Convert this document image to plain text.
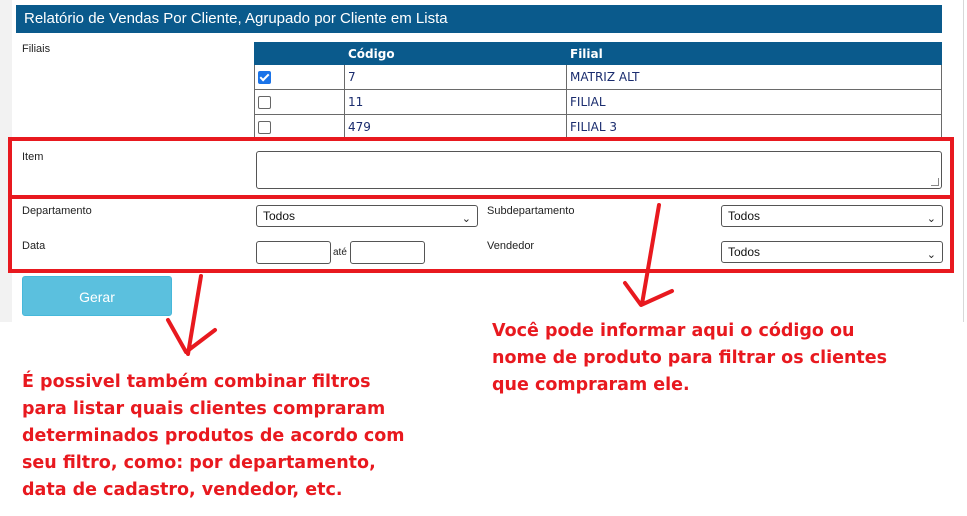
Relatório de Vendas Por Cliente, Agrupado por Cliente em Lista
Filiais
		Código	Filial
	7	MATRIZ ALT
	11	FILIAL
	479	FILIAL 3
Item
Departamento	Todos	⌄
Subdepartamento	Todos	⌄
Data
até
Vendedor	Todos	⌄
Gerar
Você pode informar aqui o código ou
nome de produto para filtrar os clientes
que compraram ele.
É possivel também combinar filtros
para listar quais clientes compraram
determinados produtos de acordo com
seu filtro, como: por departamento,
data de cadastro, vendedor, etc.
